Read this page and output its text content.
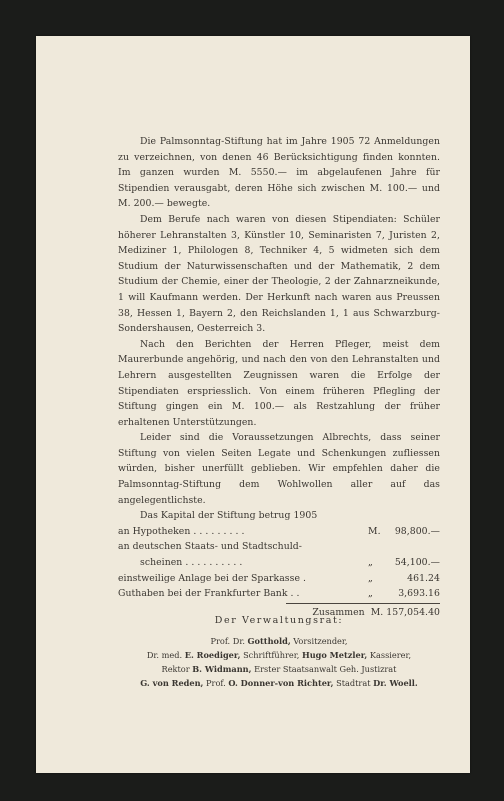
Die Palmsonntag-Stiftung hat im Jahre 1905 72 Anmeldungen zu verzeichnen, von denen 46 Berücksichtigung finden konnten. Im ganzen wurden M. 5550.— im abgelaufenen Jahre für Stipendien verausgabt, deren Höhe sich zwischen M. 100.— und M. 200.— bewegte.

Dem Berufe nach waren von diesen Stipendiaten: Schüler höherer Lehranstalten 3, Künstler 10, Seminaristen 7, Juristen 2, Mediziner 1, Philologen 8, Techniker 4, 5 widmeten sich dem Studium der Naturwissenschaften und der Mathematik, 2 dem Studium der Chemie, einer der Theologie, 2 der Zahnarzneikunde, 1 will Kaufmann werden. Der Herkunft nach waren aus Preussen 38, Hessen 1, Bayern 2, den Reichslanden 1, 1 aus Schwarzburg-Sondershausen, Oesterreich 3.

Nach den Berichten der Herren Pfleger, meist dem Maurerbunde angehörig, und nach den von den Lehranstalten und Lehrern ausgestellten Zeugnissen waren die Erfolge der Stipendiaten erspriesslich. Von einem früheren Pflegling der Stiftung gingen ein M. 100.— als Restzahlung der früher erhaltenen Unterstützungen.

Leider sind die Voraussetzungen Albrechts, dass seiner Stiftung von vielen Seiten Legate und Schenkungen zufliessen würden, bisher unerfüllt geblieben. Wir empfehlen daher die Palmsonntag-Stiftung dem Wohlwollen aller auf das angelegentlichste.

Das Kapital der Stiftung betrug 1905

an Hypotheken . . . . . . . . .	M.	98,800.—
an deutschen Staats- und Stadtschuld-
scheinen . . . . . . . . . .	„	54,100.—
einstweilige Anlage bei der Sparkasse .	„	461.24
Guthaben bei der Frankfurter Bank . .	„	3,693.16
Zusammen M. 157,054.40
Der Verwaltungsrat:
Prof. Dr. Gotthold, Vorsitzender,
Dr. med. E. Roediger, Schriftführer, Hugo Metzler, Kassierer,
Rektor B. Widmann, Erster Staatsanwalt Geh. Justizrat
G. von Reden, Prof. O. Donner-von Richter, Stadtrat Dr. Woell.
